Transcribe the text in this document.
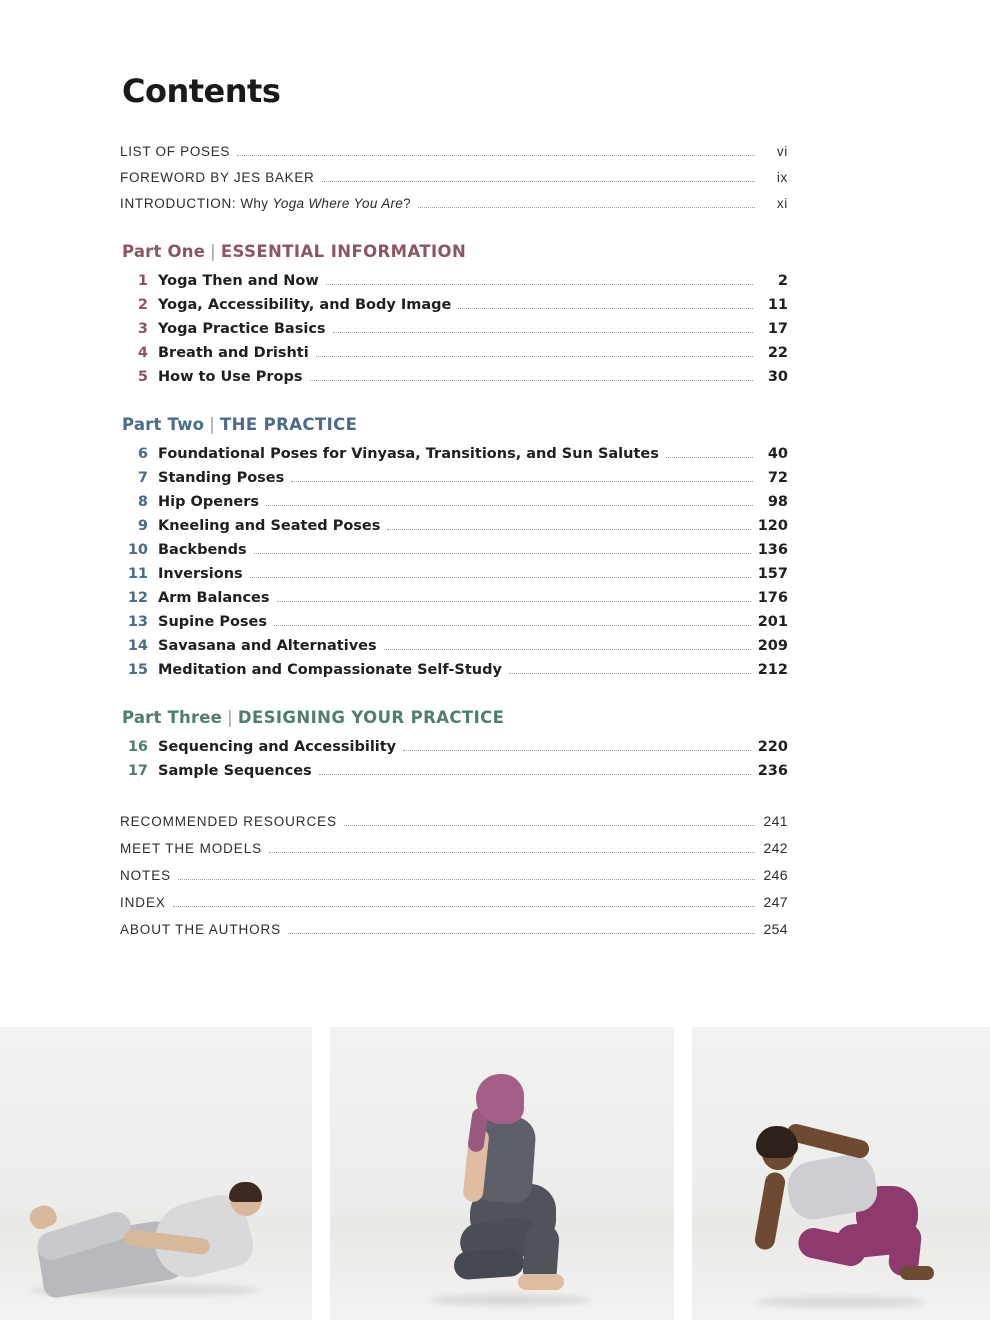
Contents
LIST OF POSES	vi
FOREWORD BY JES BAKER	ix
INTRODUCTION: Why Yoga Where You Are?	xi
Part One | ESSENTIAL INFORMATION
1 Yoga Then and Now	2
2 Yoga, Accessibility, and Body Image	11
3 Yoga Practice Basics	17
4 Breath and Drishti	22
5 How to Use Props	30
Part Two | THE PRACTICE
6 Foundational Poses for Vinyasa, Transitions, and Sun Salutes	40
7 Standing Poses	72
8 Hip Openers	98
9 Kneeling and Seated Poses	120
10 Backbends	136
11 Inversions	157
12 Arm Balances	176
13 Supine Poses	201
14 Savasana and Alternatives	209
15 Meditation and Compassionate Self-Study	212
Part Three | DESIGNING YOUR PRACTICE
16 Sequencing and Accessibility	220
17 Sample Sequences	236
RECOMMENDED RESOURCES	241
MEET THE MODELS	242
NOTES	246
INDEX	247
ABOUT THE AUTHORS	254
